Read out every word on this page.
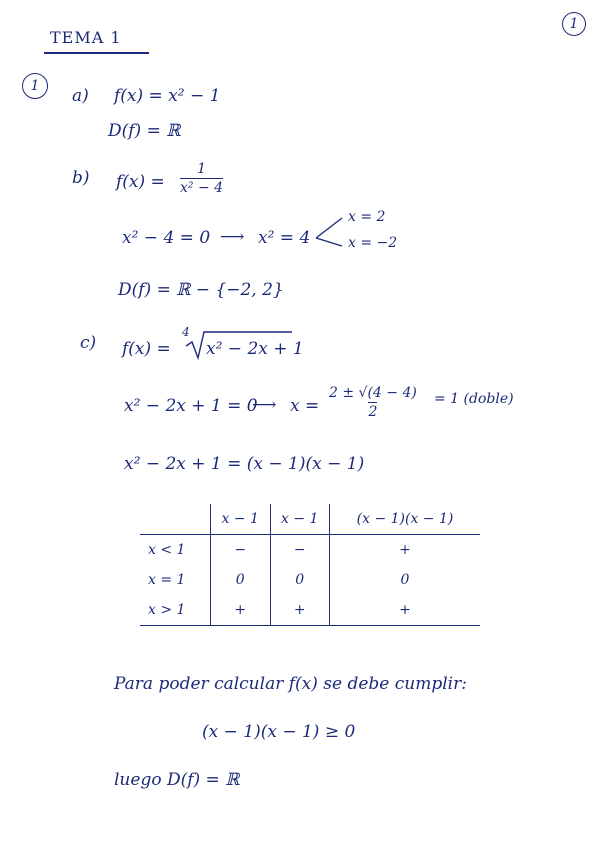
1
TEMA 1
1 a) f(x) = x² − 1
D(f) = ℝ
b) $f(x) = \frac{1}{\text{x² − 4}}$
x² − 4 = 0 ⟶ x² = 4
x = 2
x = −2
D(f) = ℝ − {−2, 2}
c) f(x) =
4
x² − 2x + 1
x² − 2x + 1 = 0
⟶ $x = \frac{2 \pm √(4 - 4)}{2} = 1$ (doble)
x² − 2x + 1 = (x − 1)(x − 1)
	x − 1	x − 1	(x − 1)(x − 1)
x < 1	−	−	+
x = 1	0	0	0
x > 1	+	+	+
Para poder calcular f(x) se debe cumplir:
(x − 1)(x − 1) ≥ 0
luego D(f) = ℝ
